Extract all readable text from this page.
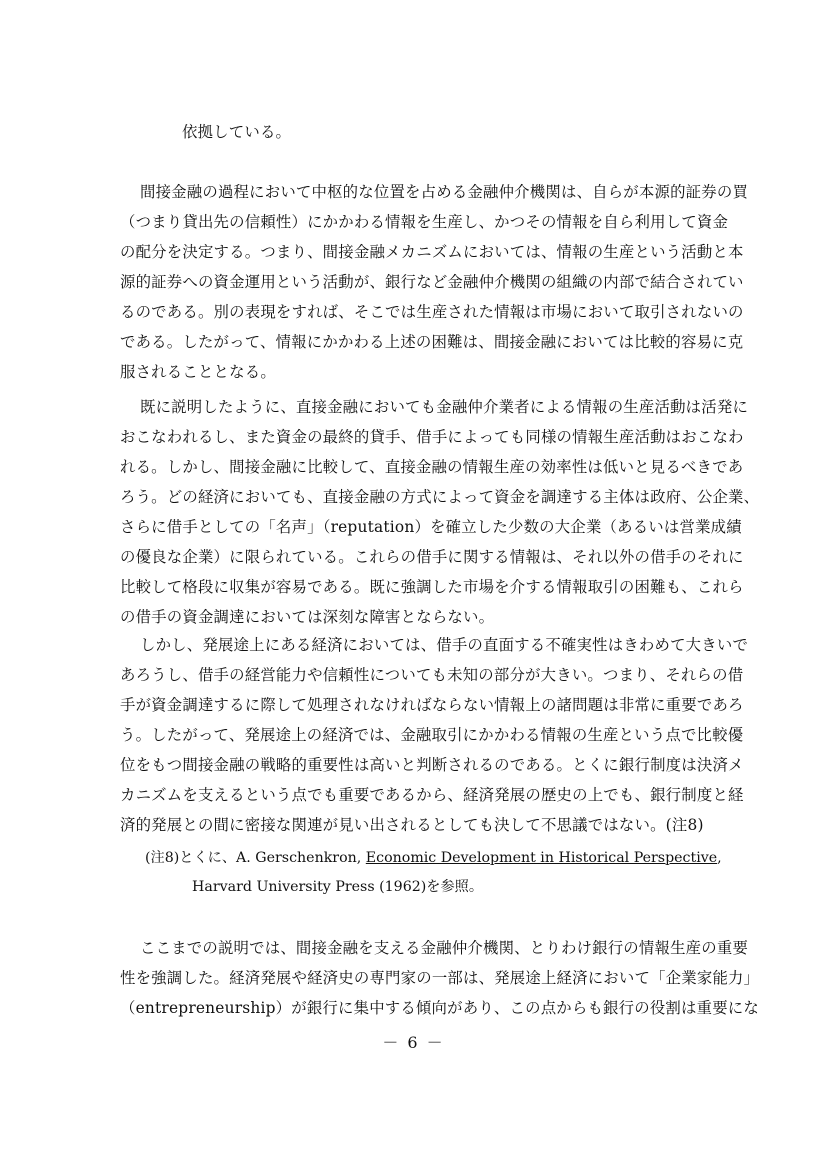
依拠している。
間接金融の過程において中枢的な位置を占める金融仲介機関は、自らが本源的証券の買
（つまり貸出先の信頼性）にかかわる情報を生産し、かつその情報を自ら利用して資金
の配分を決定する。つまり、間接金融メカニズムにおいては、情報の生産という活動と本
源的証券への資金運用という活動が、銀行など金融仲介機関の組織の内部で結合されてい
るのである。別の表現をすれば、そこでは生産された情報は市場において取引されないの
である。したがって、情報にかかわる上述の困難は、間接金融においては比較的容易に克
服されることとなる。
既に説明したように、直接金融においても金融仲介業者による情報の生産活動は活発に
おこなわれるし、また資金の最終的貸手、借手によっても同様の情報生産活動はおこなわ
れる。しかし、間接金融に比較して、直接金融の情報生産の効率性は低いと見るべきであ
ろう。どの経済においても、直接金融の方式によって資金を調達する主体は政府、公企業、
さらに借手としての「名声」（reputation）を確立した少数の大企業（あるいは営業成績
の優良な企業）に限られている。これらの借手に関する情報は、それ以外の借手のそれに
比較して格段に収集が容易である。既に強調した市場を介する情報取引の困難も、これら
の借手の資金調達においては深刻な障害とならない。
しかし、発展途上にある経済においては、借手の直面する不確実性はきわめて大きいで
あろうし、借手の経営能力や信頼性についても未知の部分が大きい。つまり、それらの借
手が資金調達するに際して処理されなければならない情報上の諸問題は非常に重要であろ
う。したがって、発展途上の経済では、金融取引にかかわる情報の生産という点で比較優
位をもつ間接金融の戦略的重要性は高いと判断されるのである。とくに銀行制度は決済メ
カニズムを支えるという点でも重要であるから、経済発展の歴史の上でも、銀行制度と経
済的発展との間に密接な関連が見い出されるとしても決して不思議ではない。(注8)
(注8)とくに、A. Gerschenkron, Economic Development in Historical Perspective,
Harvard University Press (1962)を参照。
ここまでの説明では、間接金融を支える金融仲介機関、とりわけ銀行の情報生産の重要
性を強調した。経済発展や経済史の専門家の一部は、発展途上経済において「企業家能力」
（entrepreneurship）が銀行に集中する傾向があり、この点からも銀行の役割は重要にな
－ 6 －
